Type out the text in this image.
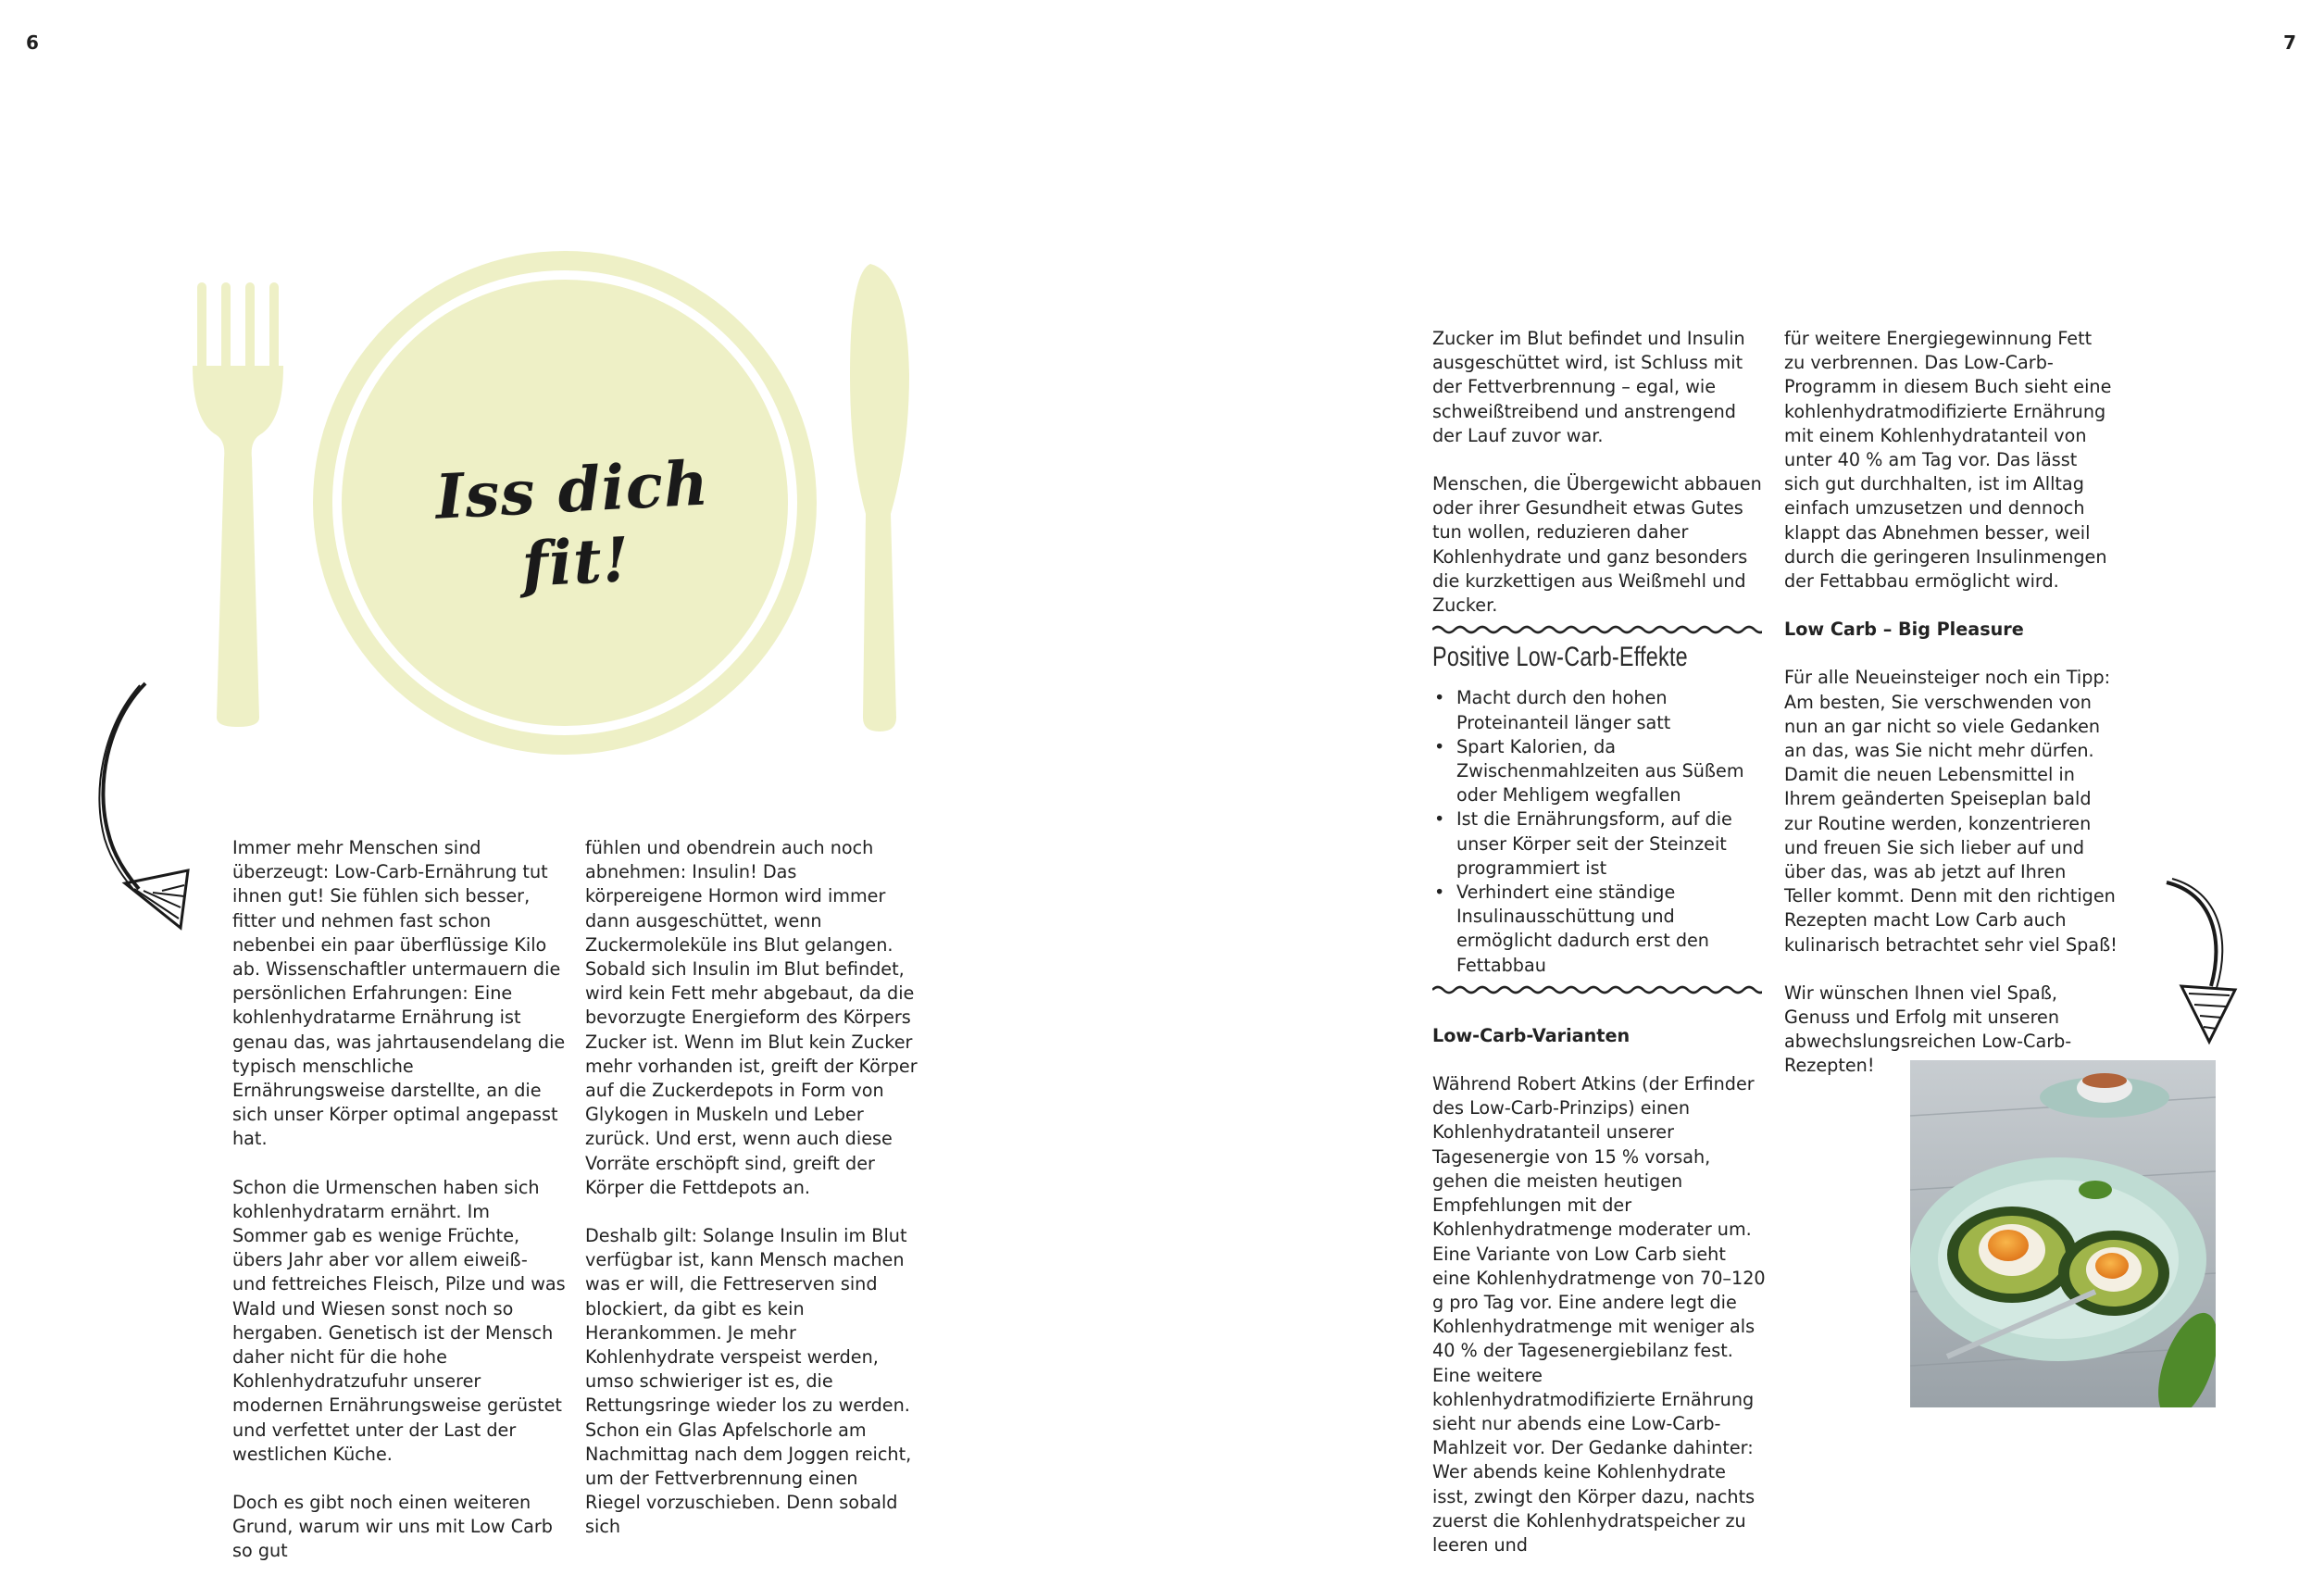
6	7
Iss dich fit!

Immer mehr Menschen sind überzeugt: Low-Carb-Ernährung tut ihnen gut! Sie fühlen sich besser, fitter und nehmen fast schon nebenbei ein paar überflüssige Kilo ab. Wissenschaftler untermauern die persönlichen Erfahrungen: Eine kohlenhydratarme Ernährung ist genau das, was jahrtausendelang die typisch menschliche Ernährungsweise darstellte, an die sich unser Körper optimal angepasst hat.

Schon die Urmenschen haben sich kohlenhydratarm ernährt. Im Sommer gab es wenige Früchte, übers Jahr aber vor allem eiweiß- und fettreiches Fleisch, Pilze und was Wald und Wiesen sonst noch so hergaben. Genetisch ist der Mensch daher nicht für die hohe Kohlenhydratzufuhr unserer modernen Ernährungsweise gerüstet und verfettet unter der Last der westlichen Küche.

Doch es gibt noch einen weiteren Grund, warum wir uns mit Low Carb so gut

fühlen und obendrein auch noch abnehmen: Insulin! Das körpereigene Hormon wird immer dann ausgeschüttet, wenn Zuckermoleküle ins Blut gelangen. Sobald sich Insulin im Blut befindet, wird kein Fett mehr abgebaut, da die bevorzugte Energieform des Körpers Zucker ist. Wenn im Blut kein Zucker mehr vorhanden ist, greift der Körper auf die Zuckerdepots in Form von Glykogen in Muskeln und Leber zurück. Und erst, wenn auch diese Vorräte erschöpft sind, greift der Körper die Fettdepots an.

Deshalb gilt: Solange Insulin im Blut verfügbar ist, kann Mensch machen was er will, die Fettreserven sind blockiert, da gibt es kein Herankommen. Je mehr Kohlenhydrate verspeist werden, umso schwieriger ist es, die Rettungsringe wieder los zu werden. Schon ein Glas Apfelschorle am Nachmittag nach dem Joggen reicht, um der Fettverbrennung einen Riegel vorzuschieben. Denn sobald sich

Zucker im Blut befindet und Insulin ausgeschüttet wird, ist Schluss mit der Fettverbrennung – egal, wie schweißtreibend und anstrengend der Lauf zuvor war.

Menschen, die Übergewicht abbauen oder ihrer Gesundheit etwas Gutes tun wollen, reduzieren daher Kohlenhydrate und ganz besonders die kurzkettigen aus Weißmehl und Zucker.

Positive Low-Carb-Effekte
• Macht durch den hohen Proteinanteil länger satt
• Spart Kalorien, da Zwischenmahlzeiten aus Süßem oder Mehligem wegfallen
• Ist die Ernährungsform, auf die unser Körper seit der Steinzeit programmiert ist
• Verhindert eine ständige Insulinausschüttung und ermöglicht dadurch erst den Fettabbau

Low-Carb-Varianten

Während Robert Atkins (der Erfinder des Low-Carb-Prinzips) einen Kohlenhydratanteil unserer Tagesenergie von 15 % vorsah, gehen die meisten heutigen Empfehlungen mit der Kohlenhydratmenge moderater um. Eine Variante von Low Carb sieht eine Kohlenhydratmenge von 70–120 g pro Tag vor. Eine andere legt die Kohlenhydratmenge mit weniger als 40 % der Tagesenergiebilanz fest. Eine weitere kohlenhydratmodifizierte Ernährung sieht nur abends eine Low-Carb-Mahlzeit vor. Der Gedanke dahinter: Wer abends keine Kohlenhydrate isst, zwingt den Körper dazu, nachts zuerst die Kohlenhydratspeicher zu leeren und

für weitere Energiegewinnung Fett zu verbrennen. Das Low-Carb-Programm in diesem Buch sieht eine kohlenhydratmodifizierte Ernährung mit einem Kohlenhydratanteil von unter 40 % am Tag vor. Das lässt sich gut durchhalten, ist im Alltag einfach umzusetzen und dennoch klappt das Abnehmen besser, weil durch die geringeren Insulinmengen der Fettabbau ermöglicht wird.

Low Carb – Big Pleasure

Für alle Neueinsteiger noch ein Tipp: Am besten, Sie verschwenden von nun an gar nicht so viele Gedanken an das, was Sie nicht mehr dürfen. Damit die neuen Lebensmittel in Ihrem geänderten Speiseplan bald zur Routine werden, konzentrieren und freuen Sie sich lieber auf und über das, was ab jetzt auf Ihren Teller kommt. Denn mit den richtigen Rezepten macht Low Carb auch kulinarisch betrachtet sehr viel Spaß!

Wir wünschen Ihnen viel Spaß, Genuss und Erfolg mit unseren abwechslungsreichen Low-Carb-Rezepten!
